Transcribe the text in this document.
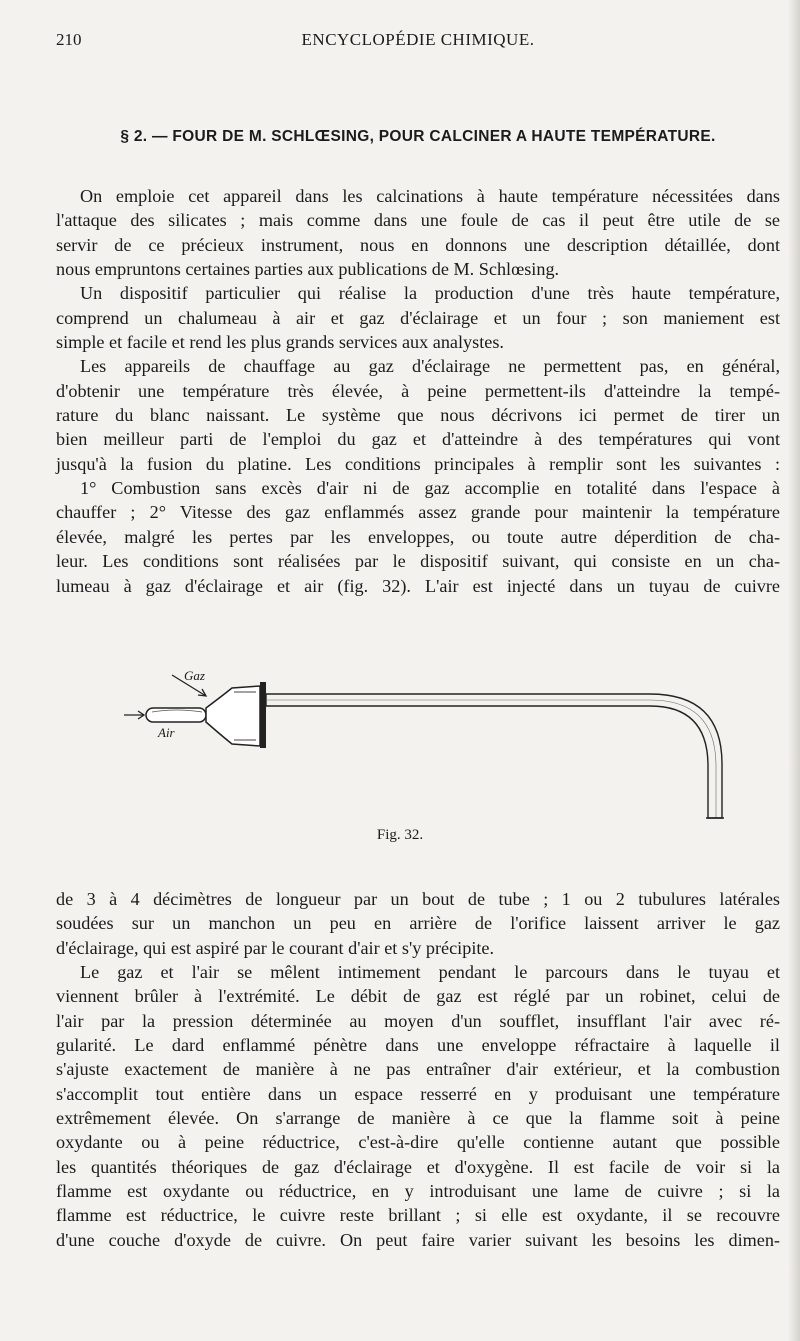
210	ENCYCLOPÉDIE CHIMIQUE.
§ 2. — FOUR DE M. SCHLŒSING, POUR CALCINER A HAUTE TEMPÉRATURE.

On emploie cet appareil dans les calcinations à haute température nécessitées dans

l'attaque des silicates ; mais comme dans une foule de cas il peut être utile de se

servir de ce précieux instrument, nous en donnons une description détaillée, dont

nous empruntons certaines parties aux publications de M. Schlœsing.

Un dispositif particulier qui réalise la production d'une très haute température,

comprend un chalumeau à air et gaz d'éclairage et un four ; son maniement est

simple et facile et rend les plus grands services aux analystes.

Les appareils de chauffage au gaz d'éclairage ne permettent pas, en général,

d'obtenir une température très élevée, à peine permettent-ils d'atteindre la tempé-

rature du blanc naissant. Le système que nous décrivons ici permet de tirer un

bien meilleur parti de l'emploi du gaz et d'atteindre à des températures qui vont

jusqu'à la fusion du platine. Les conditions principales à remplir sont les suivantes :

1° Combustion sans excès d'air ni de gaz accomplie en totalité dans l'espace à

chauffer ; 2° Vitesse des gaz enflammés assez grande pour maintenir la température

élevée, malgré les pertes par les enveloppes, ou toute autre déperdition de cha-

leur. Les conditions sont réalisées par le dispositif suivant, qui consiste en un cha-

lumeau à gaz d'éclairage et air (fig. 32). L'air est injecté dans un tuyau de cuivre

Gaz
Air
Fig. 32.

de 3 à 4 décimètres de longueur par un bout de tube ; 1 ou 2 tubulures latérales

soudées sur un manchon un peu en arrière de l'orifice laissent arriver le gaz

d'éclairage, qui est aspiré par le courant d'air et s'y précipite.

Le gaz et l'air se mêlent intimement pendant le parcours dans le tuyau et

viennent brûler à l'extrémité. Le débit de gaz est réglé par un robinet, celui de

l'air par la pression déterminée au moyen d'un soufflet, insufflant l'air avec ré-

gularité. Le dard enflammé pénètre dans une enveloppe réfractaire à laquelle il

s'ajuste exactement de manière à ne pas entraîner d'air extérieur, et la combustion

s'accomplit tout entière dans un espace resserré en y produisant une température

extrêmement élevée. On s'arrange de manière à ce que la flamme soit à peine

oxydante ou à peine réductrice, c'est-à-dire qu'elle contienne autant que possible

les quantités théoriques de gaz d'éclairage et d'oxygène. Il est facile de voir si la

flamme est oxydante ou réductrice, en y introduisant une lame de cuivre ; si la

flamme est réductrice, le cuivre reste brillant ; si elle est oxydante, il se recouvre

d'une couche d'oxyde de cuivre. On peut faire varier suivant les besoins les dimen-
